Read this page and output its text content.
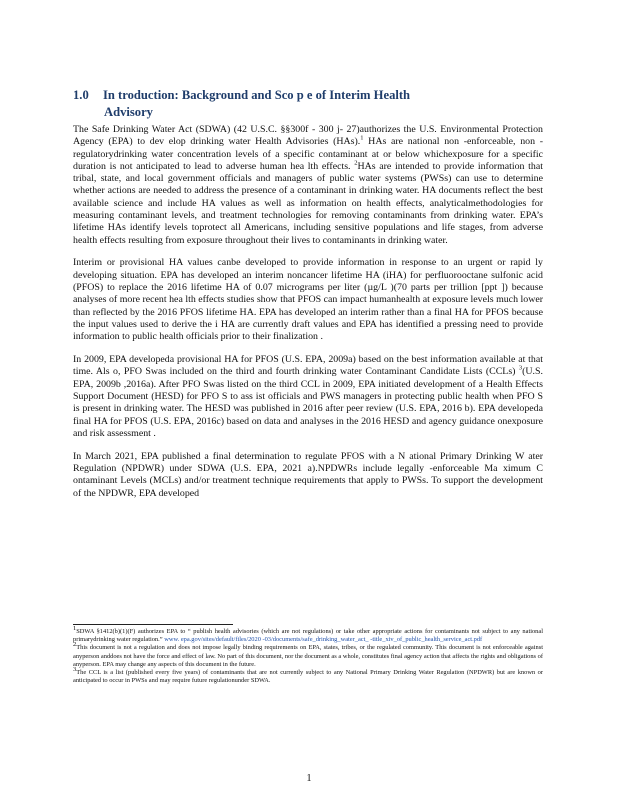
1.0 In troduction: Background and Sco p e of Interim Health
Advisory

The Safe Drinking Water Act (SDWA) (42 U.S.C. §§300f - 300 j- 27)authorizes the U.S. Environmental Protection Agency (EPA) to dev elop drinking water Health Advisories (HAs).$^1$ HAs are national non -enforceable, non -regulatorydrinking water concentration levels of a specific contaminant at or below whichexposure for a specific duration is not anticipated to lead to adverse human hea lth effects. $^2$HAs are intended to provide information that tribal, state, and local government officials and managers of public water systems (PWSs) can use to determine whether actions are needed to address the presence of a contaminant in drinking water. HA documents reflect the best available science and include HA values as well as information on health effects, analyticalmethodologies for measuring contaminant levels, and treatment technologies for removing contaminants from drinking water. EPA’s lifetime HAs identify levels toprotect all Americans, including sensitive populations and life stages, from adverse health effects resulting from exposure throughout their lives to contaminants in drinking water.

Interim or provisional HA values canbe developed to provide information in response to an urgent or rapid ly developing situation. EPA has developed an interim noncancer lifetime HA (iHA) for perfluorooctane sulfonic acid (PFOS) to replace the 2016 lifetime HA of 0.07 micrograms per liter (µg/L )(70 parts per trillion [ppt ]) because analyses of more recent hea lth effects studies show that PFOS can impact humanhealth at exposure levels much lower than reflected by the 2016 PFOS lifetime HA. EPA has developed an interim rather than a final HA for PFOS because the input values used to derive the i HA are currently draft values and EPA has identified a pressing need to provide information to public health officials prior to their finalization .

In 2009, EPA developeda provisional HA for PFOS (U.S. EPA, 2009a) based on the best information available at that time. Als o, PFO Swas included on the third and fourth drinking water Contaminant Candidate Lists (CCLs) $^3$(U.S. EPA, 2009b ,2016a). After PFO Swas listed on the third CCL in 2009, EPA initiated development of a Health Effects Support Document (HESD) for PFO S to ass ist officials and PWS managers in protecting public health when PFO S is present in drinking water. The HESD was published in 2016 after peer review (U.S. EPA, 2016 b). EPA developeda final HA for PFOS (U.S. EPA, 2016c) based on data and analyses in the 2016 HESD and agency guidance onexposure and risk assessment .

In March 2021, EPA published a final determination to regulate PFOS with a N ational Primary Drinking W ater Regulation (NPDWR) under SDWA (U.S. EPA, 2021 a).NPDWRs include legally -enforceable Ma ximum C ontaminant Levels (MCLs) and/or treatment technique requirements that apply to PWSs. To support the development of the NPDWR, EPA developed

$^1$SDWA §1412(b)(1)(F) authorizes EPA to “ publish health advisories (which are not regulations) or take other appropriate actions for contaminants not subject to any national primarydrinking water regulation.” www. epa.gov/sites/default/files/2020 -03/documents/safe_drinking_water_act_ -title_xiv_of_public_health_service_act.pdf

$^2$This document is not a regulation and does not impose legally binding requirements on EPA, states, tribes, or the regulated community. This document is not enforceable against anyperson anddoes not have the force and effect of law. No part of this document, nor the document as a whole, constitutes final agency action that affects the rights and obligations of anyperson. EPA may change any aspects of this document in the future.

$^3$The CCL is a list (published every five years) of contaminants that are not currently subject to any National Primary Drinking Water Regulation (NPDWR) but are known or anticipated to occur in PWSs and may require future regulationunder SDWA.

1
